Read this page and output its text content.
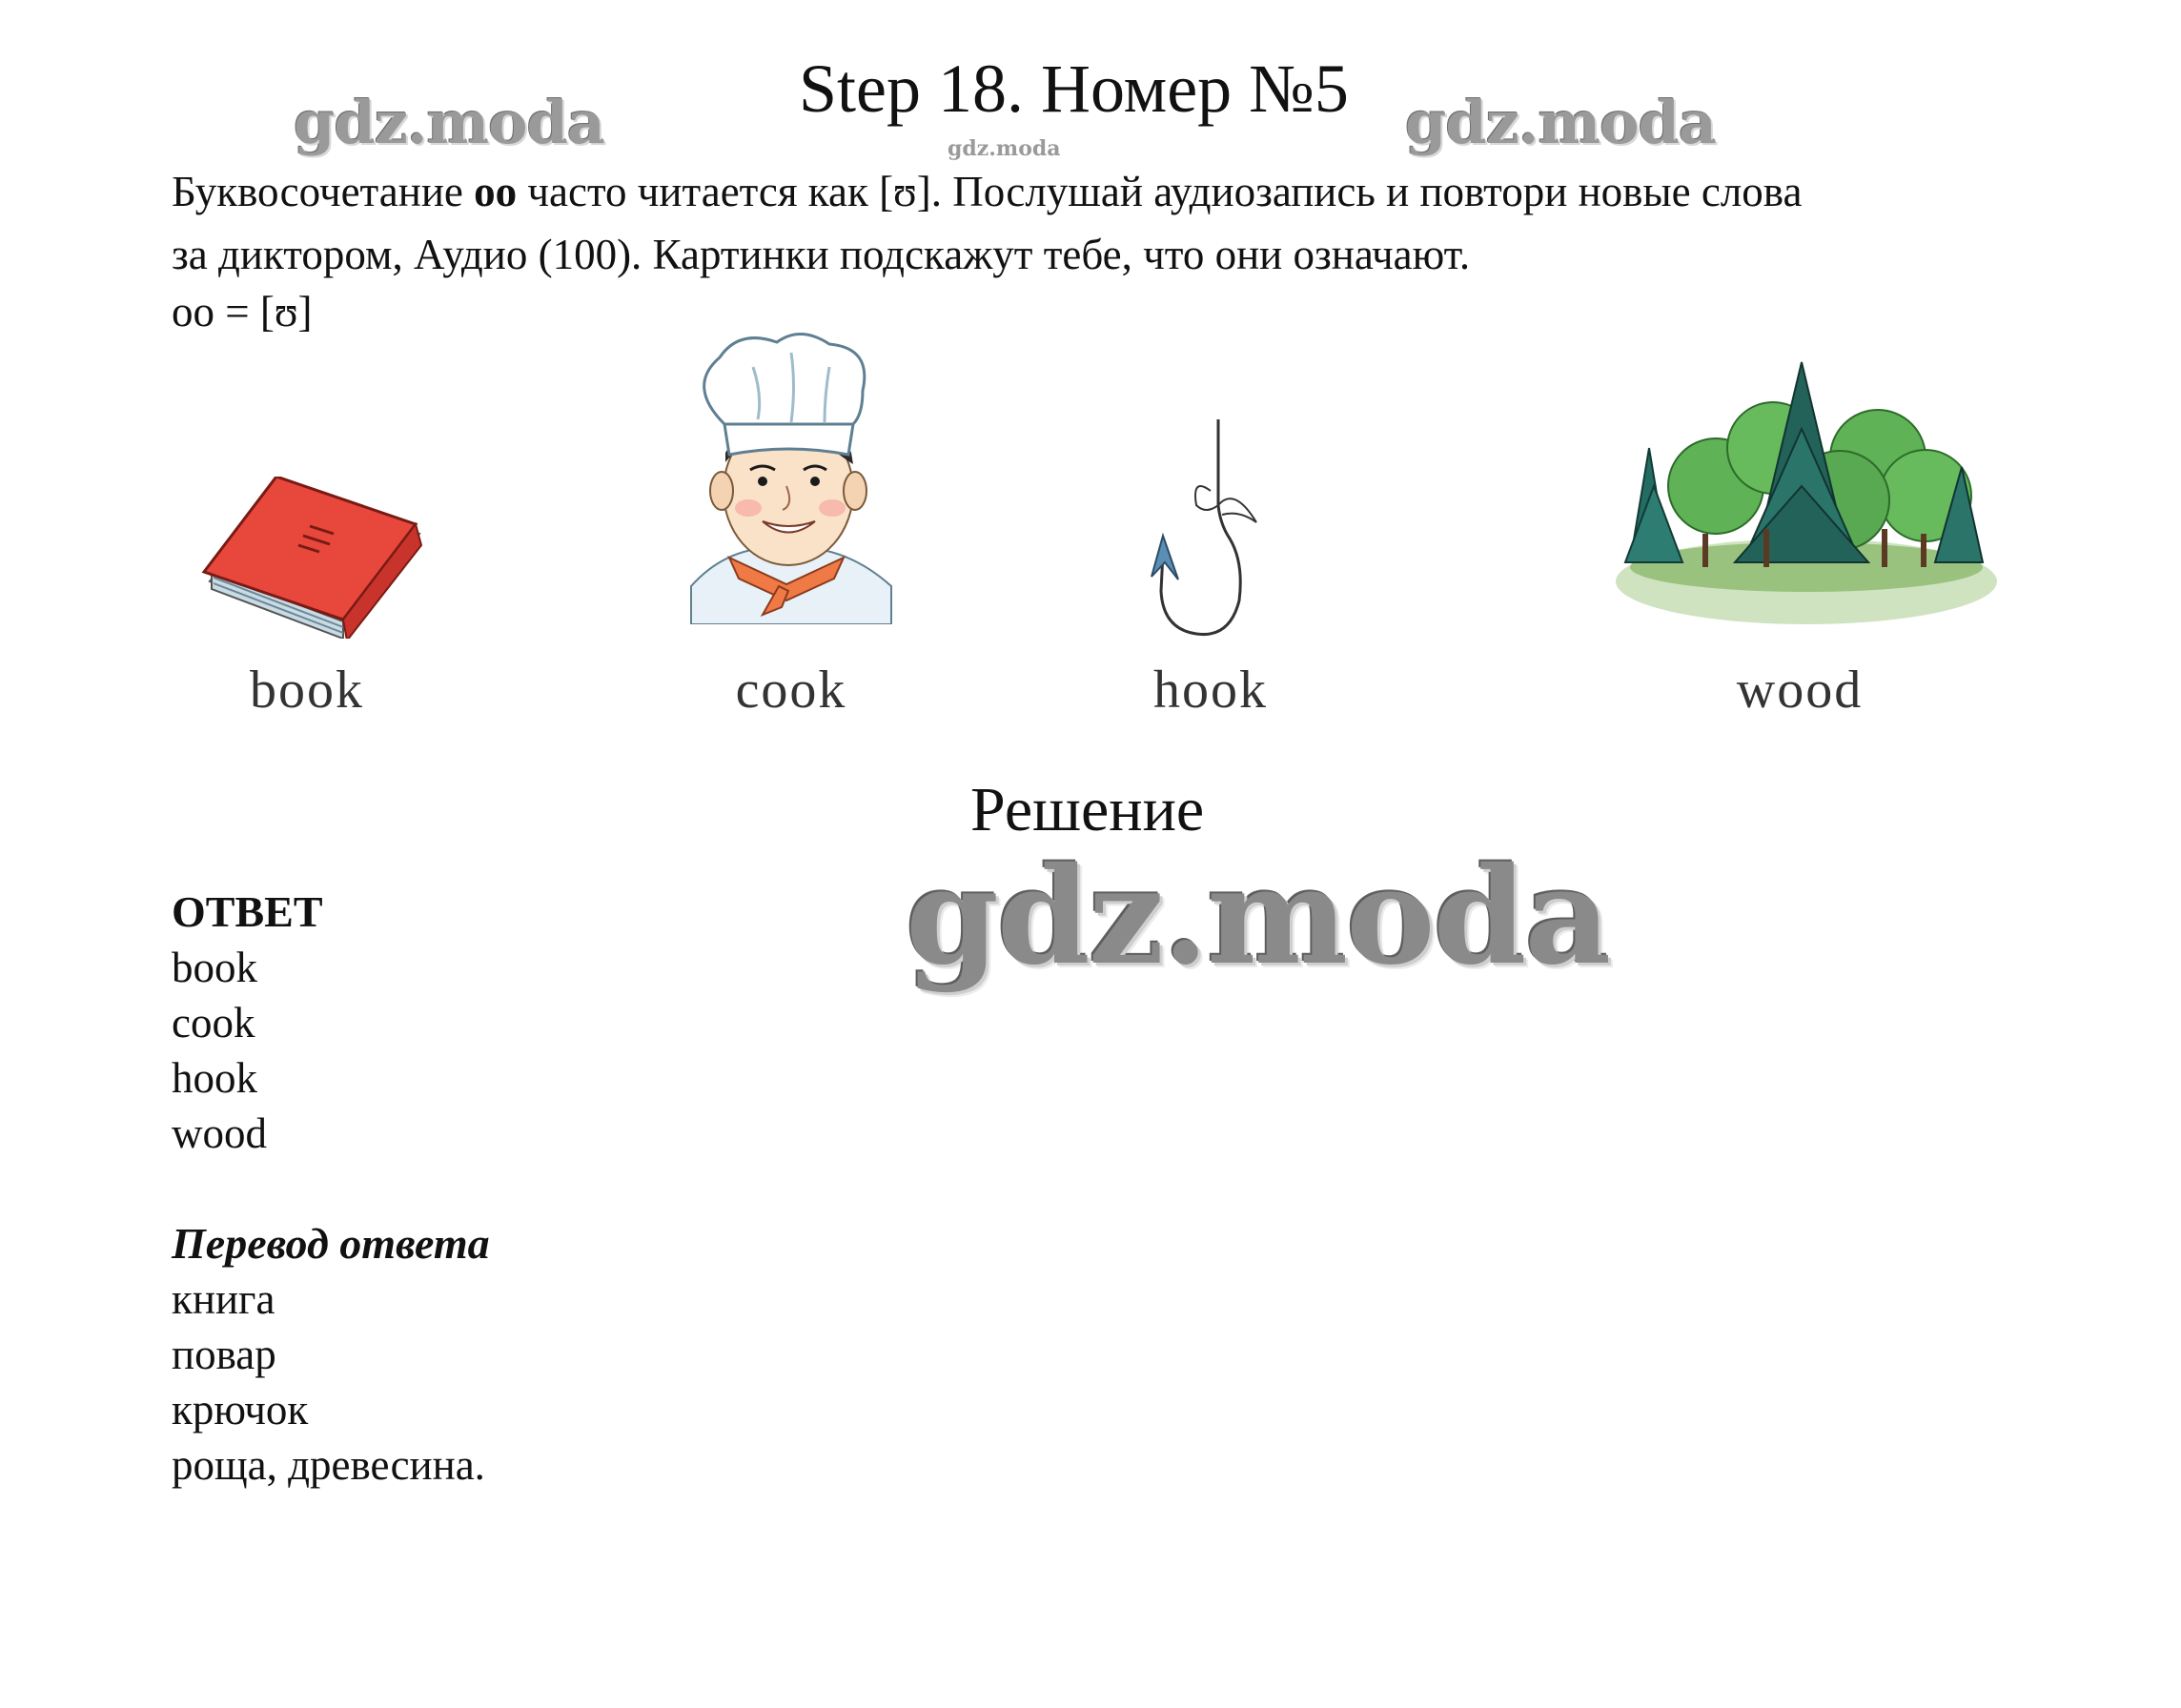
gdz.moda	gdz.moda	gdz.moda
Step 18. Номер №5
Буквосочетание oo часто читается как [ʊ]. Послушай аудиозапись и повтори новые слова
за диктором, Аудио (100). Картинки подскажут тебе, что они означают.
oo = [ʊ]
book	cook	hook	wood
Решение
gdz.moda
ОТВЕТ
book
cook
hook
wood
Перевод ответа
книга
повар
крючок
роща, древесина.
